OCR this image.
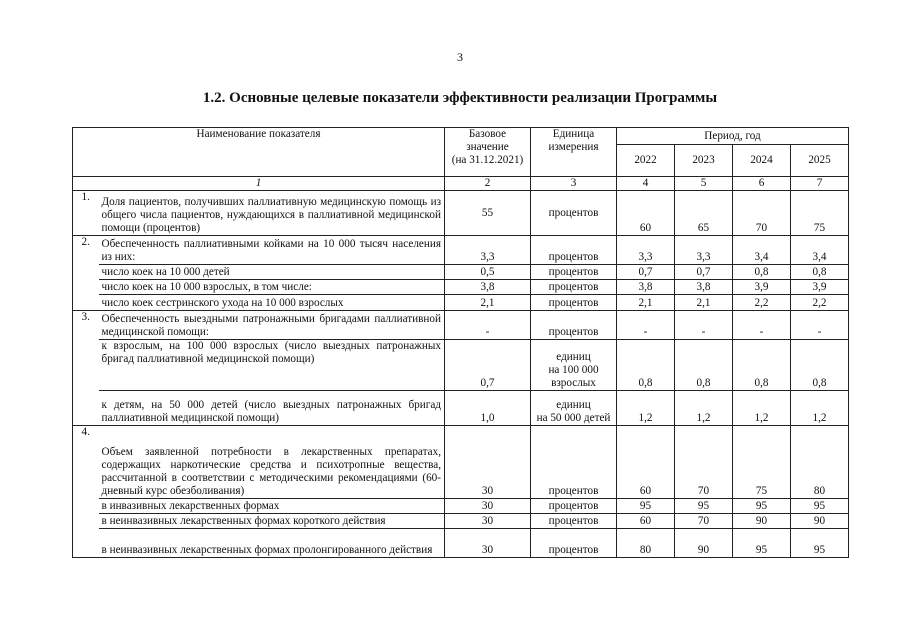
3
1.2. Основные целевые показатели эффективности реализации Программы
Наименование показателя		Базовое
значение
(на 31.12.2021)	Единица
измерения	Период, год			
				2022	2023	2024	2025
1		2	3	4	5	6	7
1.	Доля пациентов, получивших паллиативную медицинскую помощь из общего числа пациентов, нуждающихся в паллиативной медицинской помощи (процентов)	55	процентов	60	65	70	75
2.	Обеспеченность паллиативными койками на 10 000 тысяч населения из них:	3,3	процентов	3,3	3,3	3,4	3,4
	число коек на 10 000 детей	0,5	процентов	0,7	0,7	0,8	0,8
	число коек на 10 000 взрослых, в том числе:	3,8	процентов	3,8	3,8	3,9	3,9
	число коек сестринского ухода на 10 000 взрослых	2,1	процентов	2,1	2,1	2,2	2,2
3.	Обеспеченность выездными патронажными бригадами паллиативной медицинской помощи:	-	процентов	-	-	-	-
	к взрослым, на 100 000 взрослых (число выездных патронажных бригад паллиативной медицинской помощи)	0,7	единиц
на 100 000
взрослых	0,8	0,8	0,8	0,8
	к детям, на 50 000 детей (число выездных патронажных бригад паллиативной медицинской помощи)	1,0	единиц
на 50 000 детей	1,2	1,2	1,2	1,2
4.	Объем заявленной потребности в лекарственных препаратах, содержащих наркотические средства и психотропные вещества, рассчитанной в соответствии с методическими рекомендациями (60-дневный курс обезболивания)	30	процентов	60	70	75	80
	в инвазивных лекарственных формах	30	процентов	95	95	95	95
	в неинвазивных лекарственных формах короткого действия	30	процентов	60	70	90	90
	в неинвазивных лекарственных формах пролонгированного действия	30	процентов	80	90	95	95
